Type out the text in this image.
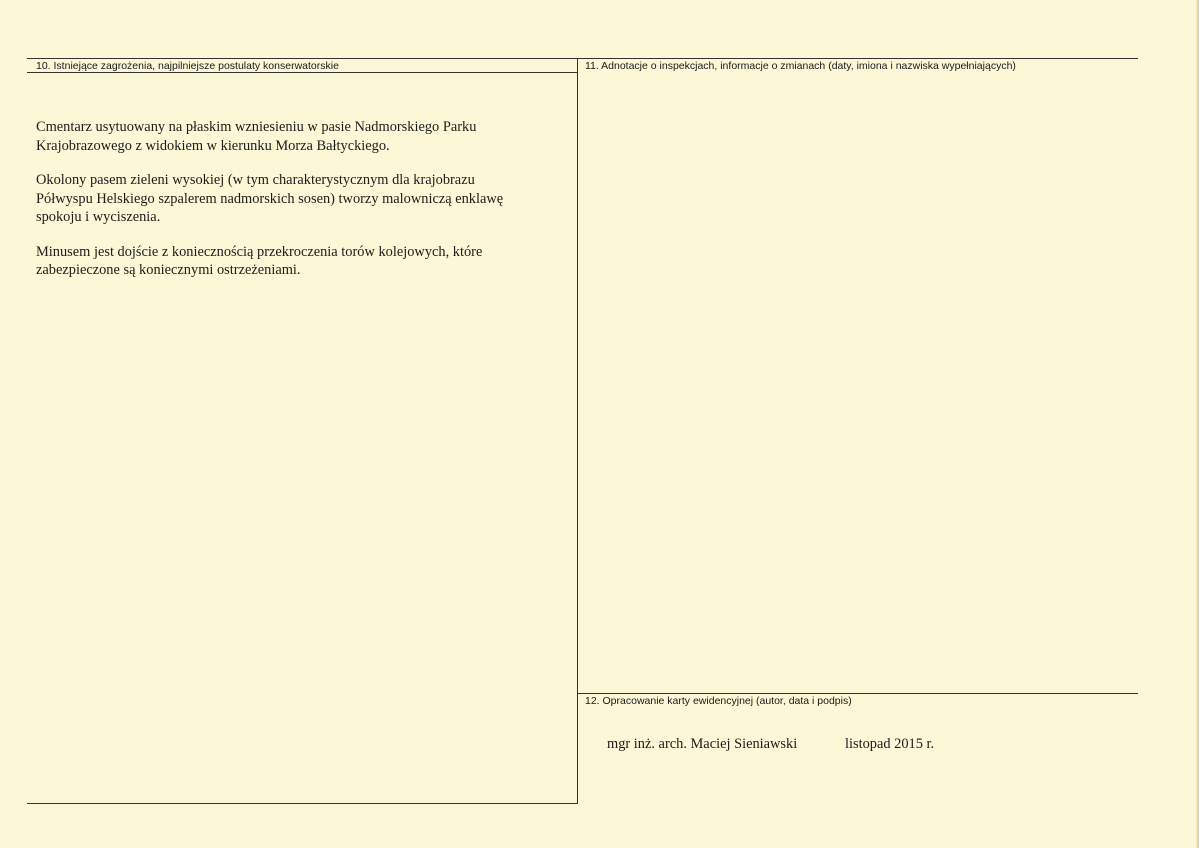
10. Istniejące zagrożenia, najpilniejsze postulaty konserwatorskie

Cmentarz usytuowany na płaskim wzniesieniu w pasie Nadmorskiego Parku
Krajobrazowego z widokiem w kierunku Morza Bałtyckiego.

Okolony pasem zieleni wysokiej (w tym charakterystycznym dla krajobrazu
Półwyspu Helskiego szpalerem nadmorskich sosen) tworzy malowniczą enklawę
spokoju i wyciszenia.

Minusem jest dojście z koniecznością przekroczenia torów kolejowych, które
zabezpieczone są koniecznymi ostrzeżeniami.

11. Adnotacje o inspekcjach, informacje o zmianach (daty, imiona i nazwiska wypełniających)
12. Opracowanie karty ewidencyjnej (autor, data i podpis)
mgr inż. arch. Maciej Sieniawski	listopad 2015 r.
